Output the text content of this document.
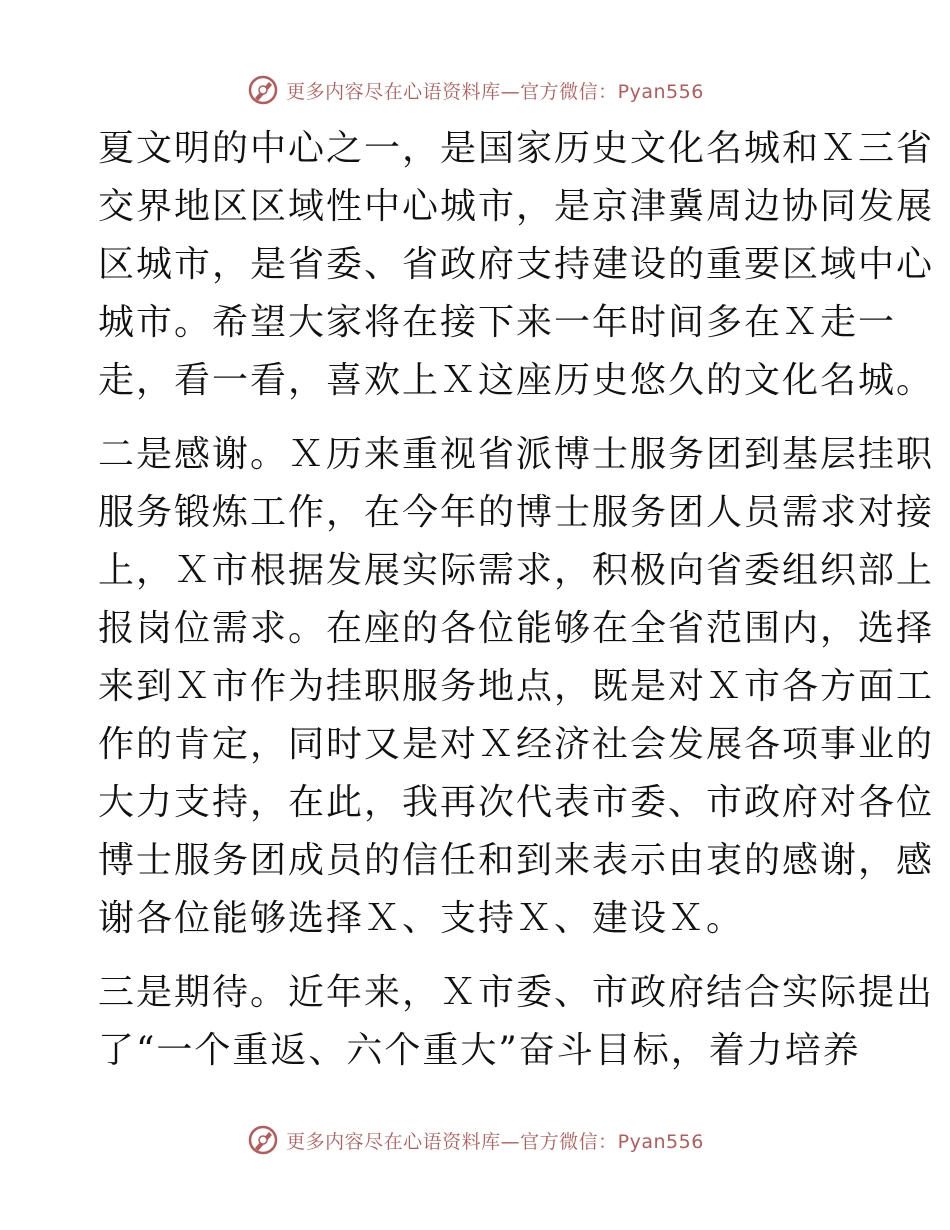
更多内容尽在心语资料库—官方微信：Pyan556
夏文明的中心之一，是国家历史文化名城和Ｘ三省
交界地区区域性中心城市，是京津冀周边协同发展
区城市，是省委、省政府支持建设的重要区域中心
城市。希望大家将在接下来一年时间多在Ｘ走一
走，看一看，喜欢上Ｘ这座历史悠久的文化名城。
二是感谢。Ｘ历来重视省派博士服务团到基层挂职
服务锻炼工作，在今年的博士服务团人员需求对接
上，Ｘ市根据发展实际需求，积极向省委组织部上
报岗位需求。在座的各位能够在全省范围内，选择
来到Ｘ市作为挂职服务地点，既是对Ｘ市各方面工
作的肯定，同时又是对Ｘ经济社会发展各项事业的
大力支持，在此，我再次代表市委、市政府对各位
博士服务团成员的信任和到来表示由衷的感谢，感
谢各位能够选择Ｘ、支持Ｘ、建设Ｘ。
三是期待。近年来，Ｘ市委、市政府结合实际提出
了“一个重返、六个重大”奋斗目标，着力培养
更多内容尽在心语资料库—官方微信：Pyan556
